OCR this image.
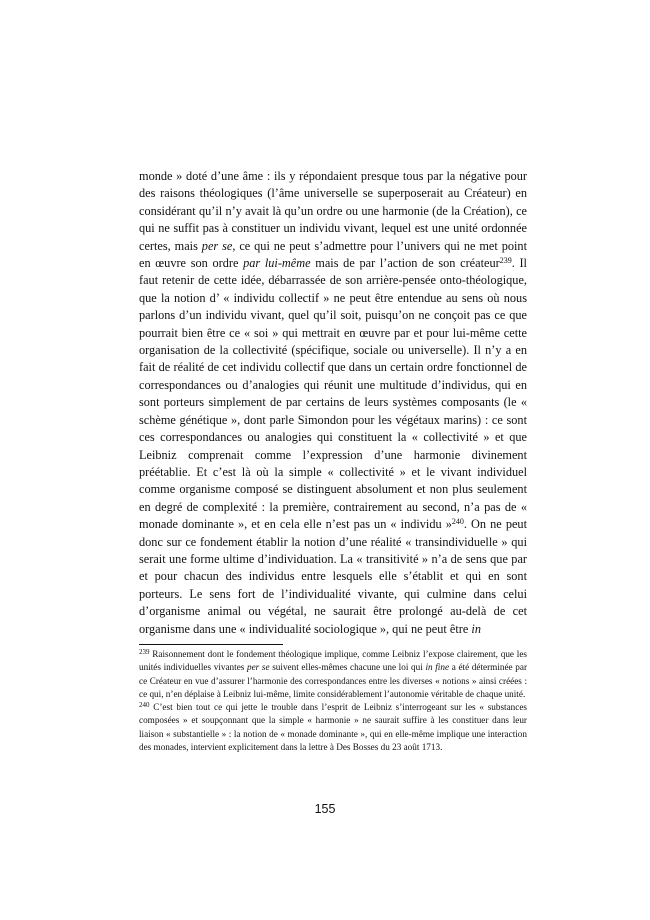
monde » doté d’une âme : ils y répondaient presque tous par la négative pour des raisons théologiques (l’âme universelle se superposerait au Créateur) en considérant qu’il n’y avait là qu’un ordre ou une harmonie (de la Création), ce qui ne suffit pas à constituer un individu vivant, lequel est une unité ordonnée certes, mais per se, ce qui ne peut s’admettre pour l’univers qui ne met point en œuvre son ordre par lui-même mais de par l’action de son créateur$^{239}$. Il faut retenir de cette idée, débarrassée de son arrière-pensée onto-théologique, que la notion d’ « individu collectif » ne peut être entendue au sens où nous parlons d’un individu vivant, quel qu’il soit, puisqu’on ne conçoit pas ce que pourrait bien être ce « soi » qui mettrait en œuvre par et pour lui-même cette organisation de la collectivité (spécifique, sociale ou universelle). Il n’y a en fait de réalité de cet individu collectif que dans un certain ordre fonctionnel de correspondances ou d’analogies qui réunit une multitude d’individus, qui en sont porteurs simplement de par certains de leurs systèmes composants (le « schème génétique », dont parle Simondon pour les végétaux marins) : ce sont ces correspondances ou analogies qui constituent la « collectivité » et que Leibniz comprenait comme l’expression d’une harmonie divinement préétablie. Et c’est là où la simple « collectivité » et le vivant individuel comme organisme composé se distinguent absolument et non plus seulement en degré de complexité : la première, contrairement au second, n’a pas de « monade dominante », et en cela elle n’est pas un « individu »$^{240}$. On ne peut donc sur ce fondement établir la notion d’une réalité « transindividuelle » qui serait une forme ultime d’individuation. La « transitivité » n’a de sens que par et pour chacun des individus entre lesquels elle s’établit et qui en sont porteurs. Le sens fort de l’individualité vivante, qui culmine dans celui d’organisme animal ou végétal, ne saurait être prolongé au-delà de cet organisme dans une « individualité sociologique », qui ne peut être in

$^{239}$ Raisonnement dont le fondement théologique implique, comme Leibniz l’expose clairement, que les unités individuelles vivantes per se suivent elles-mêmes chacune une loi qui in fine a été déterminée par ce Créateur en vue d’assurer l’harmonie des correspondances entre les diverses « notions » ainsi créées : ce qui, n’en déplaise à Leibniz lui-même, limite considérablement l’autonomie véritable de chaque unité.

$^{240}$ C’est bien tout ce qui jette le trouble dans l’esprit de Leibniz s’interrogeant sur les « substances composées » et soupçonnant que la simple « harmonie » ne saurait suffire à les constituer dans leur liaison « substantielle » : la notion de « monade dominante », qui en elle-même implique une interaction des monades, intervient explicitement dans la lettre à Des Bosses du 23 août 1713.

155
